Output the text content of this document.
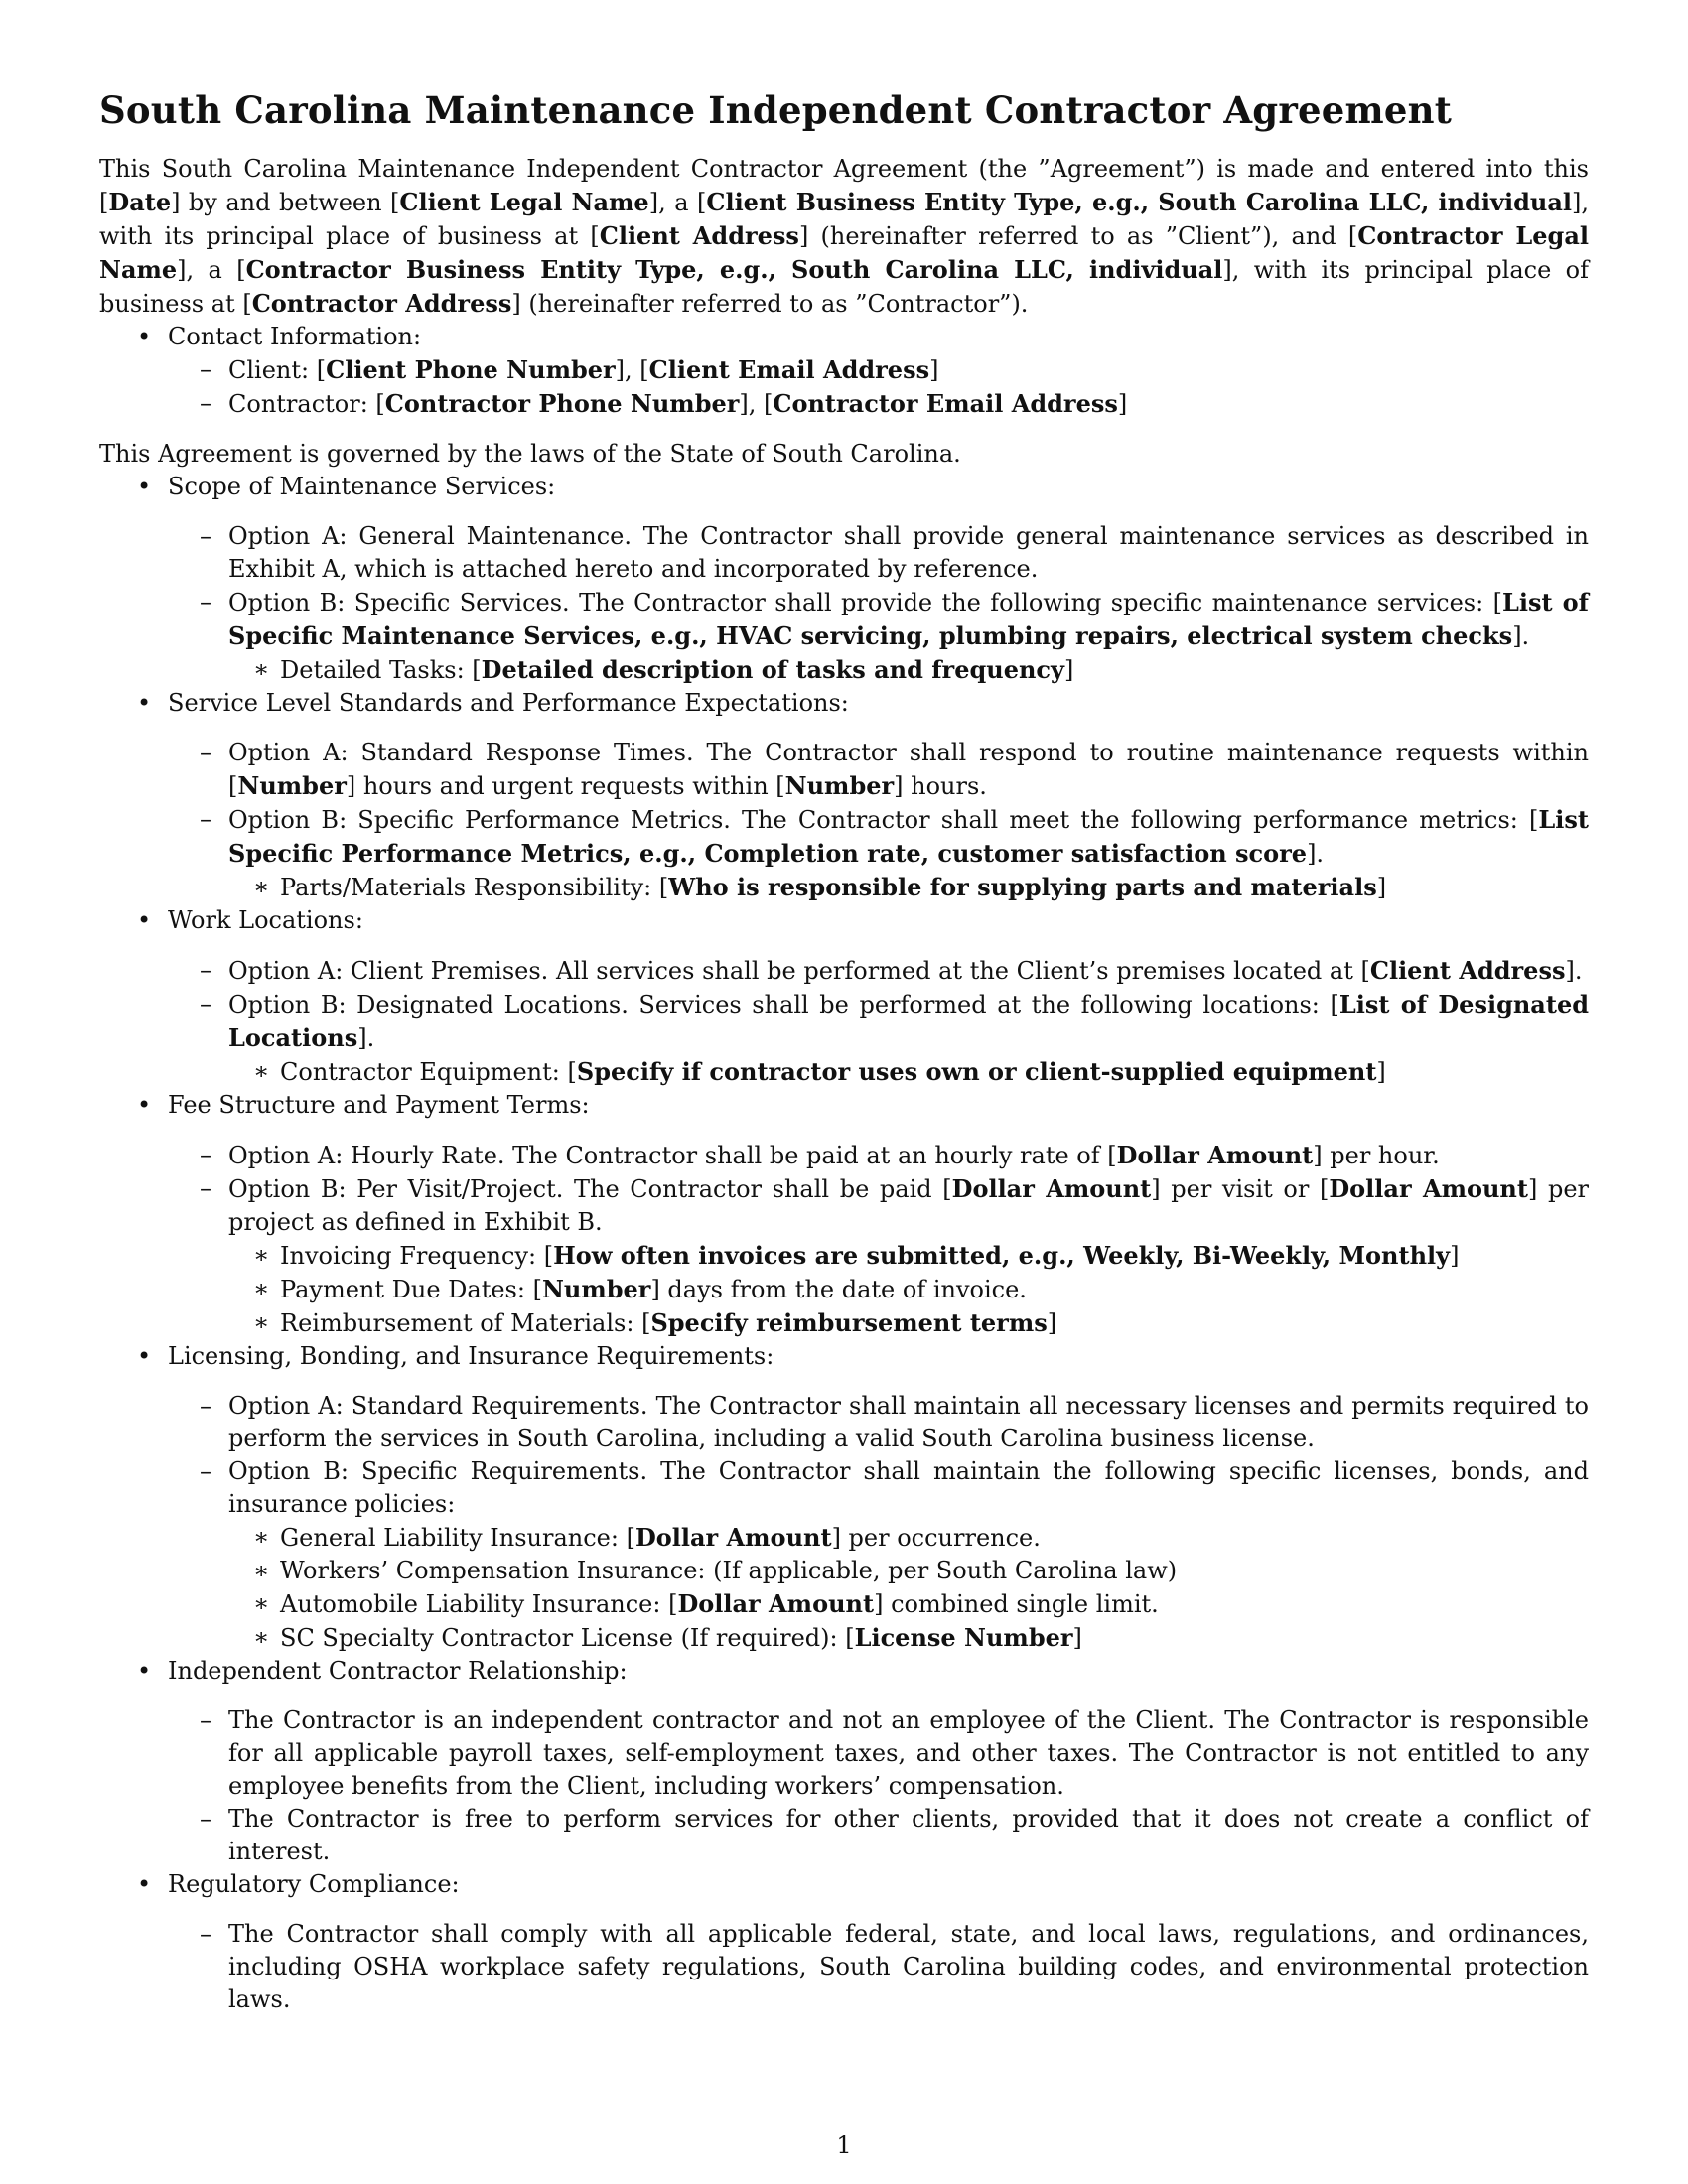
South Carolina Maintenance Independent Contractor Agreement

This South Carolina Maintenance Independent Contractor Agreement (the ”Agreement”) is made and entered into this [Date] by and between [Client Legal Name], a [Client Business Entity Type, e.g., South Carolina LLC, individual], with its principal place of business at [Client Address] (hereinafter referred to as ”Client”), and [Contractor Legal Name], a [Contractor Business Entity Type, e.g., South Carolina LLC, individual], with its principal place of business at [Contractor Address] (hereinafter referred to as ”Contractor”).

• Contact Information:
– Client: [Client Phone Number], [Client Email Address]
– Contractor: [Contractor Phone Number], [Contractor Email Address]

This Agreement is governed by the laws of the State of South Carolina.

• Scope of Maintenance Services:
– Option A: General Maintenance. The Contractor shall provide general maintenance services as described in Exhibit A, which is attached hereto and incorporated by reference.
– Option B: Specific Services. The Contractor shall provide the following specific maintenance services: [List of Specific Maintenance Services, e.g., HVAC servicing, plumbing repairs, electrical system checks].
∗ Detailed Tasks: [Detailed description of tasks and frequency]
• Service Level Standards and Performance Expectations:
– Option A: Standard Response Times. The Contractor shall respond to routine maintenance requests within [Number] hours and urgent requests within [Number] hours.
– Option B: Specific Performance Metrics. The Contractor shall meet the following performance metrics: [List Specific Performance Metrics, e.g., Completion rate, customer satisfaction score].
∗ Parts/Materials Responsibility: [Who is responsible for supplying parts and materials]
• Work Locations:
– Option A: Client Premises. All services shall be performed at the Client’s premises located at [Client Address].
– Option B: Designated Locations. Services shall be performed at the following locations: [List of Designated Locations].
∗ Contractor Equipment: [Specify if contractor uses own or client-supplied equipment]
• Fee Structure and Payment Terms:
– Option A: Hourly Rate. The Contractor shall be paid at an hourly rate of [Dollar Amount] per hour.
– Option B: Per Visit/Project. The Contractor shall be paid [Dollar Amount] per visit or [Dollar Amount] per project as defined in Exhibit B.
∗ Invoicing Frequency: [How often invoices are submitted, e.g., Weekly, Bi-Weekly, Monthly]
∗ Payment Due Dates: [Number] days from the date of invoice.
∗ Reimbursement of Materials: [Specify reimbursement terms]
• Licensing, Bonding, and Insurance Requirements:
– Option A: Standard Requirements. The Contractor shall maintain all necessary licenses and permits required to perform the services in South Carolina, including a valid South Carolina business license.
– Option B: Specific Requirements. The Contractor shall maintain the following specific licenses, bonds, and insurance policies:
∗ General Liability Insurance: [Dollar Amount] per occurrence.
∗ Workers’ Compensation Insurance: (If applicable, per South Carolina law)
∗ Automobile Liability Insurance: [Dollar Amount] combined single limit.
∗ SC Specialty Contractor License (If required): [License Number]
• Independent Contractor Relationship:
– The Contractor is an independent contractor and not an employee of the Client. The Contractor is responsible for all applicable payroll taxes, self-employment taxes, and other taxes. The Contractor is not entitled to any employee benefits from the Client, including workers’ compensation.
– The Contractor is free to perform services for other clients, provided that it does not create a conflict of interest.
• Regulatory Compliance:
– The Contractor shall comply with all applicable federal, state, and local laws, regulations, and ordinances, including OSHA workplace safety regulations, South Carolina building codes, and environmental protection laws.
1
